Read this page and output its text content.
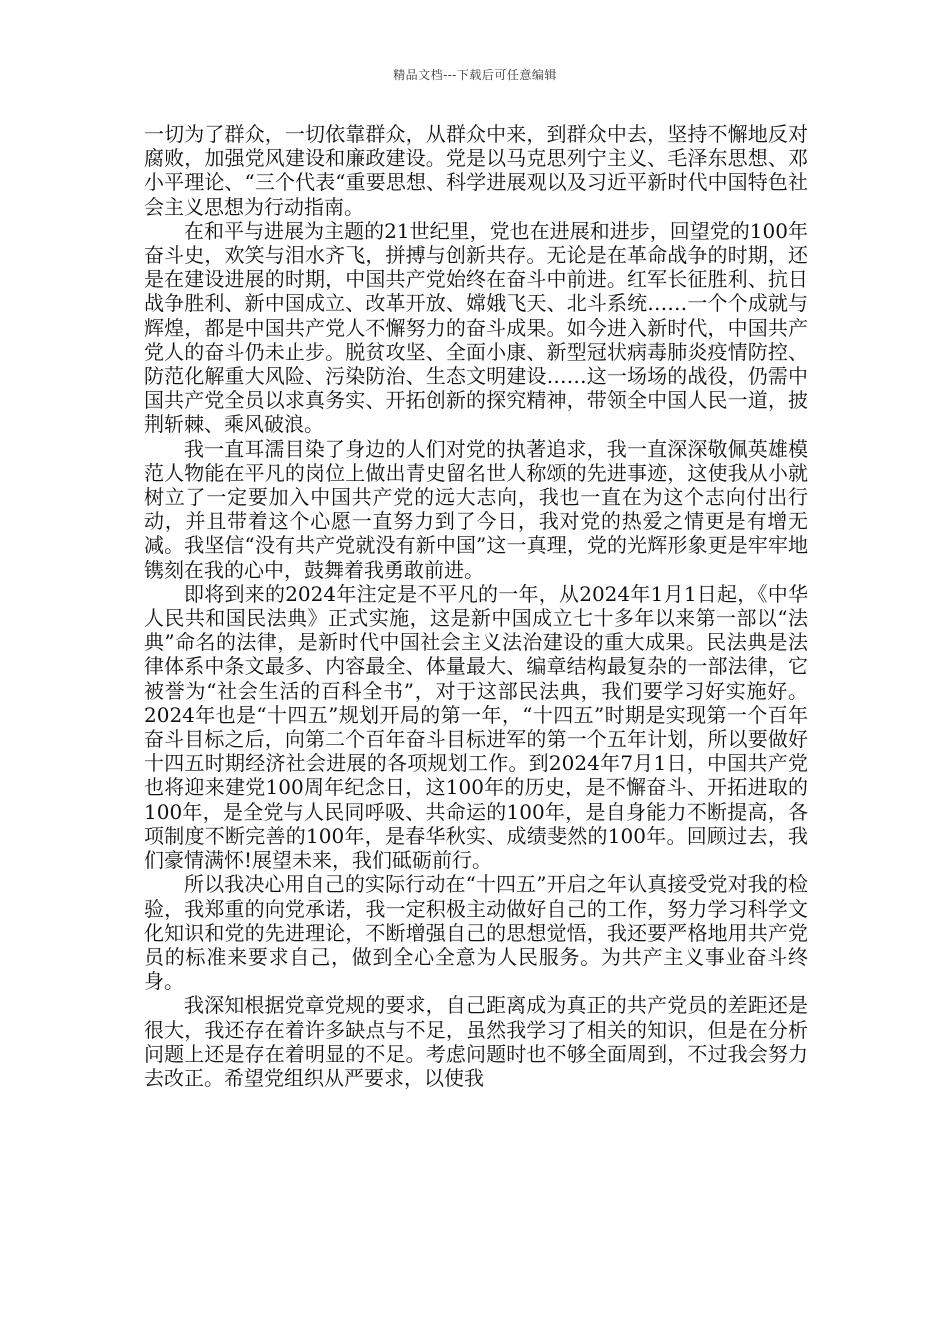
精品文档---下载后可任意编辑

一切为了群众，一切依靠群众，从群众中来，到群众中去，坚持不懈地反对腐败，加强党风建设和廉政建设。党是以马克思列宁主义、毛泽东思想、邓小平理论、“三个代表“重要思想、科学进展观以及习近平新时代中国特色社会主义思想为行动指南。

在和平与进展为主题的21世纪里，党也在进展和进步，回望党的100年奋斗史，欢笑与泪水齐飞，拼搏与创新共存。无论是在革命战争的时期，还是在建设进展的时期，中国共产党始终在奋斗中前进。红军长征胜利、抗日战争胜利、新中国成立、改革开放、嫦娥飞天、北斗系统……一个个成就与辉煌，都是中国共产党人不懈努力的奋斗成果。如今进入新时代，中国共产党人的奋斗仍未止步。脱贫攻坚、全面小康、新型冠状病毒肺炎疫情防控、防范化解重大风险、污染防治、生态文明建设……这一场场的战役，仍需中国共产党全员以求真务实、开拓创新的探究精神，带领全中国人民一道，披荆斩棘、乘风破浪。

我一直耳濡目染了身边的人们对党的执著追求，我一直深深敬佩英雄模范人物能在平凡的岗位上做出青史留名世人称颂的先进事迹，这使我从小就树立了一定要加入中国共产党的远大志向，我也一直在为这个志向付出行动，并且带着这个心愿一直努力到了今日，我对党的热爱之情更是有增无减。我坚信“没有共产党就没有新中国”这一真理，党的光辉形象更是牢牢地镌刻在我的心中，鼓舞着我勇敢前进。

即将到来的2024年注定是不平凡的一年，从2024年1月1日起，《中华人民共和国民法典》正式实施，这是新中国成立七十多年以来第一部以“法典”命名的法律，是新时代中国社会主义法治建设的重大成果。民法典是法律体系中条文最多、内容最全、体量最大、编章结构最复杂的一部法律，它被誉为“社会生活的百科全书”，对于这部民法典，我们要学习好实施好。2024年也是“十四五”规划开局的第一年，“十四五”时期是实现第一个百年奋斗目标之后，向第二个百年奋斗目标进军的第一个五年计划，所以要做好十四五时期经济社会进展的各项规划工作。到2024年7月1日，中国共产党也将迎来建党100周年纪念日，这100年的历史，是不懈奋斗、开拓进取的100年，是全党与人民同呼吸、共命运的100年，是自身能力不断提高，各项制度不断完善的100年，是春华秋实、成绩斐然的100年。回顾过去，我们豪情满怀!展望未来，我们砥砺前行。

所以我决心用自己的实际行动在“十四五”开启之年认真接受党对我的检验，我郑重的向党承诺，我一定积极主动做好自己的工作，努力学习科学文化知识和党的先进理论，不断增强自己的思想觉悟，我还要严格地用共产党员的标准来要求自己，做到全心全意为人民服务。为共产主义事业奋斗终身。

我深知根据党章党规的要求，自己距离成为真正的共产党员的差距还是很大，我还存在着许多缺点与不足，虽然我学习了相关的知识，但是在分析问题上还是存在着明显的不足。考虑问题时也不够全面周到，不过我会努力去改正。希望党组织从严要求，以使我
